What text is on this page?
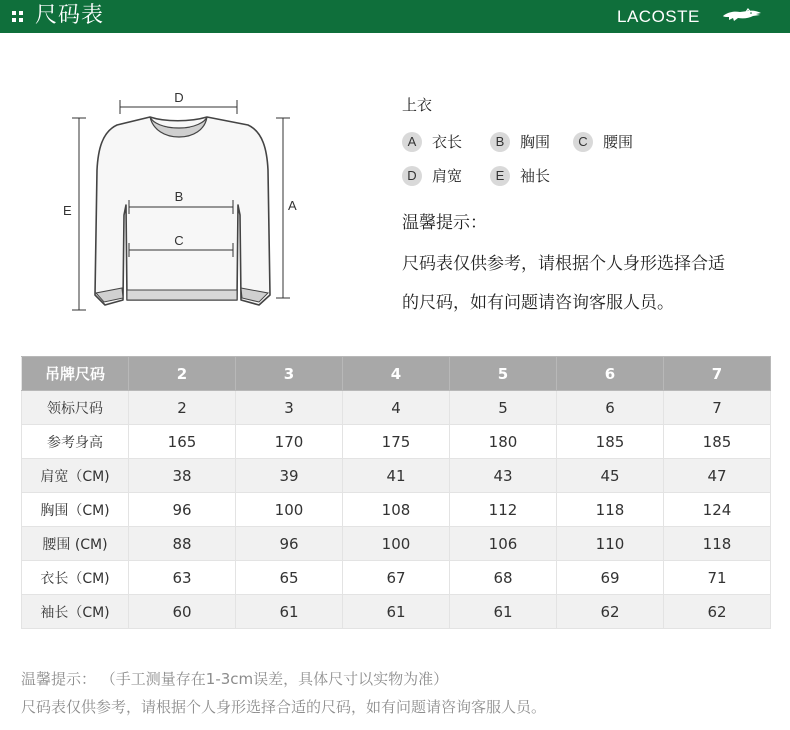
尺码表	LACOSTE
D
B
C
A
E
上衣
A	衣长	B	胸围	C	腰围
D	肩宽	E	袖长
温馨提示：
尺码表仅供参考，请根据个人身形选择合适
的尺码，如有问题请咨询客服人员。
吊牌尺码	2	3	4	5	6	7
领标尺码	2	3	4	5	6	7
参考身高	165	170	175	180	185	185
肩宽（CM)	38	39	41	43	45	47
胸围（CM)	96	100	108	112	118	124
腰围 (CM)	88	96	100	106	110	118
衣长（CM)	63	65	67	68	69	71
袖长（CM)	60	61	61	61	62	62
温馨提示： （手工测量存在1-3cm误差，具体尺寸以实物为准）
尺码表仅供参考，请根据个人身形选择合适的尺码，如有问题请咨询客服人员。
